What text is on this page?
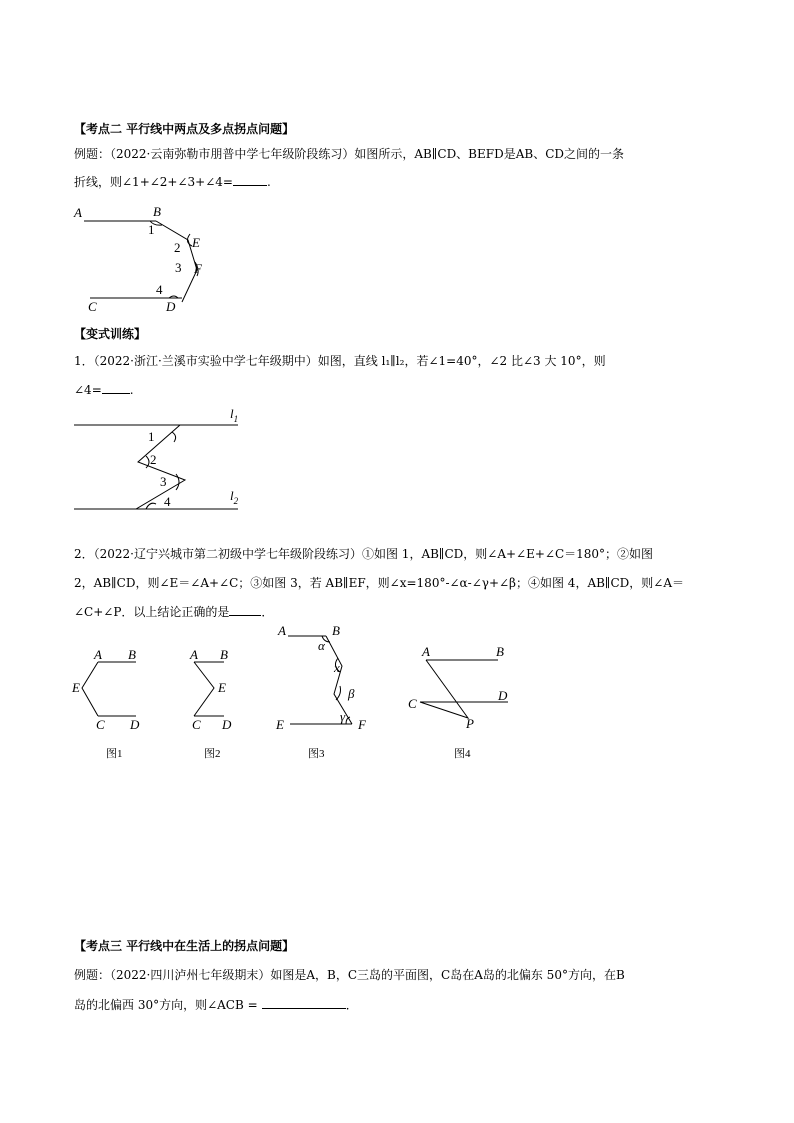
【考点二 平行线中两点及多点拐点问题】
例题：（2022·云南弥勒市朋普中学七年级阶段练习）如图所示，AB∥CD、BEFD是AB、CD之间的一条
折线，则∠1+∠2+∠3+∠4=	.
A	B
1
2 E
3 F
4
C	D
【变式训练】
1．（2022·浙江·兰溪市实验中学七年级期中）如图，直线 l₁∥l₂，若∠1=40°，∠2 比∠3 大 10°，则
∠4= .
$l_1$
1
2
3
4	$l_2$
2．（2022·辽宁兴城市第二初级中学七年级阶段练习）①如图 1，AB∥CD，则∠A+∠E+∠C＝180°；②如图
2，AB∥CD，则∠E＝∠A+∠C；③如图 3，若 AB∥EF，则∠x=180°-∠α-∠γ+∠β；④如图 4，AB∥CD，则∠A＝
∠C+∠P．以上结论正确的是	．
A B
E
C D
图1
A B
E
C D
图2
A	B
α
x
β
γ
E	F
图3
A	B
C
D
P
图4
【考点三 平行线中在生活上的拐点问题】
例题：（2022·四川泸州七年级期末）如图是A，B，C三岛的平面图，C岛在A岛的北偏东 50°方向，在B
岛的北偏西 30°方向，则∠ACB =	．
